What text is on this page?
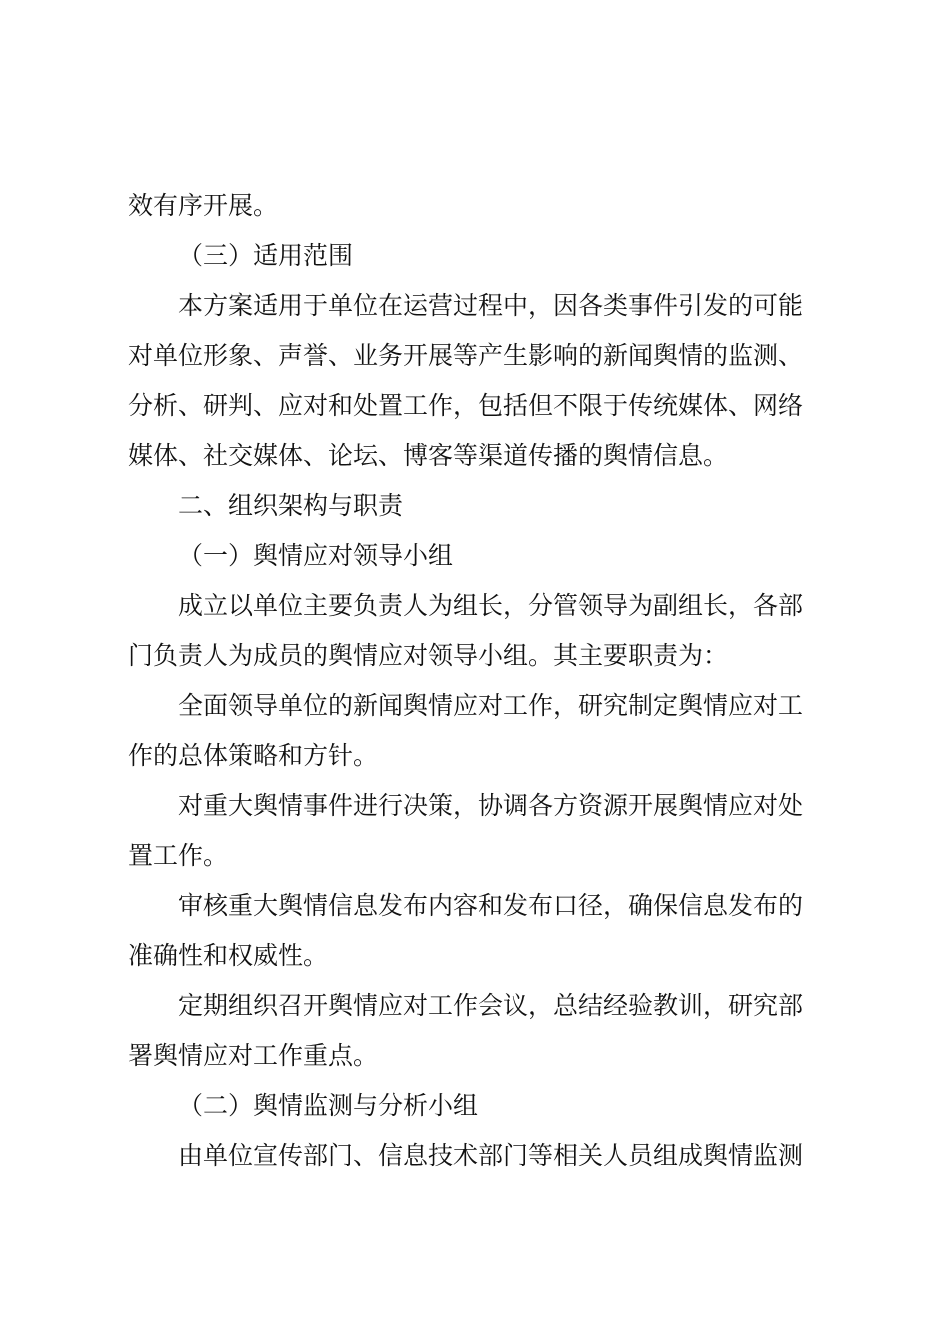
效有序开展。
（三）适用范围
本方案适用于单位在运营过程中，因各类事件引发的可能
对单位形象、声誉、业务开展等产生影响的新闻舆情的监测、
分析、研判、应对和处置工作，包括但不限于传统媒体、网络
媒体、社交媒体、论坛、博客等渠道传播的舆情信息。
二、组织架构与职责
（一）舆情应对领导小组
成立以单位主要负责人为组长，分管领导为副组长，各部
门负责人为成员的舆情应对领导小组。其主要职责为：
全面领导单位的新闻舆情应对工作，研究制定舆情应对工
作的总体策略和方针。
对重大舆情事件进行决策，协调各方资源开展舆情应对处
置工作。
审核重大舆情信息发布内容和发布口径，确保信息发布的
准确性和权威性。
定期组织召开舆情应对工作会议，总结经验教训，研究部
署舆情应对工作重点。
（二）舆情监测与分析小组
由单位宣传部门、信息技术部门等相关人员组成舆情监测
